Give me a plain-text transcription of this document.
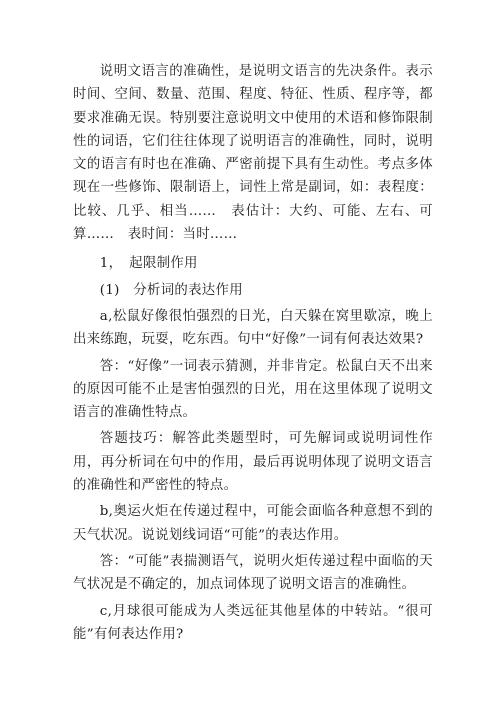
说明文语言的准确性，是说明文语言的先决条件。表示时间、空间、数量、范围、程度、特征、性质、程序等，都要求准确无误。特别要注意说明文中使用的术语和修饰限制性的词语，它们往往体现了说明语言的准确性，同时，说明文的语言有时也在准确、严密前提下具有生动性。考点多体现在一些修饰、限制语上，词性上常是副词，如：表程度：比较、几乎、相当……　表估计：大约、可能、左右、可算……　表时间：当时……

1，　起限制作用

(1)　分析词的表达作用

a,松鼠好像很怕强烈的日光，白天躲在窝里歇凉，晚上出来练跑，玩耍，吃东西。句中“好像”一词有何表达效果?

答：“好像”一词表示猜测，并非肯定。松鼠白天不出来的原因可能不止是害怕强烈的日光，用在这里体现了说明文语言的准确性特点。

答题技巧：解答此类题型时，可先解词或说明词性作用，再分析词在句中的作用，最后再说明体现了说明文语言的准确性和严密性的特点。

b,奥运火炬在传递过程中，可能会面临各种意想不到的天气状况。说说划线词语“可能”的表达作用。

答：“可能”表揣测语气，说明火炬传递过程中面临的天气状况是不确定的，加点词体现了说明文语言的准确性。

c,月球很可能成为人类远征其他星体的中转站。“很可能”有何表达作用?
